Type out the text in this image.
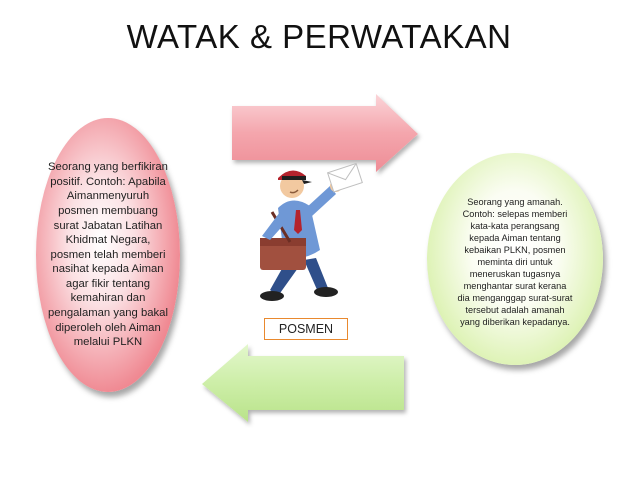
WATAK & PERWATAKAN
Seorang yang berfikiran
positif. Contoh: Apabila
Aimanmenyuruh
posmen membuang
surat Jabatan Latihan
Khidmat Negara,
posmen telah memberi
nasihat kepada Aiman
agar fikir tentang
kemahiran dan
pengalaman yang bakal
diperoleh oleh Aiman
melalui PLKN
Seorang yang amanah.
Contoh: selepas memberi
kata-kata perangsang
kepada Aiman tentang
kebaikan PLKN, posmen
meminta diri untuk
meneruskan tugasnya
menghantar surat kerana
dia menganggap surat-surat
tersebut adalah amanah
yang diberikan kepadanya.
POSMEN
